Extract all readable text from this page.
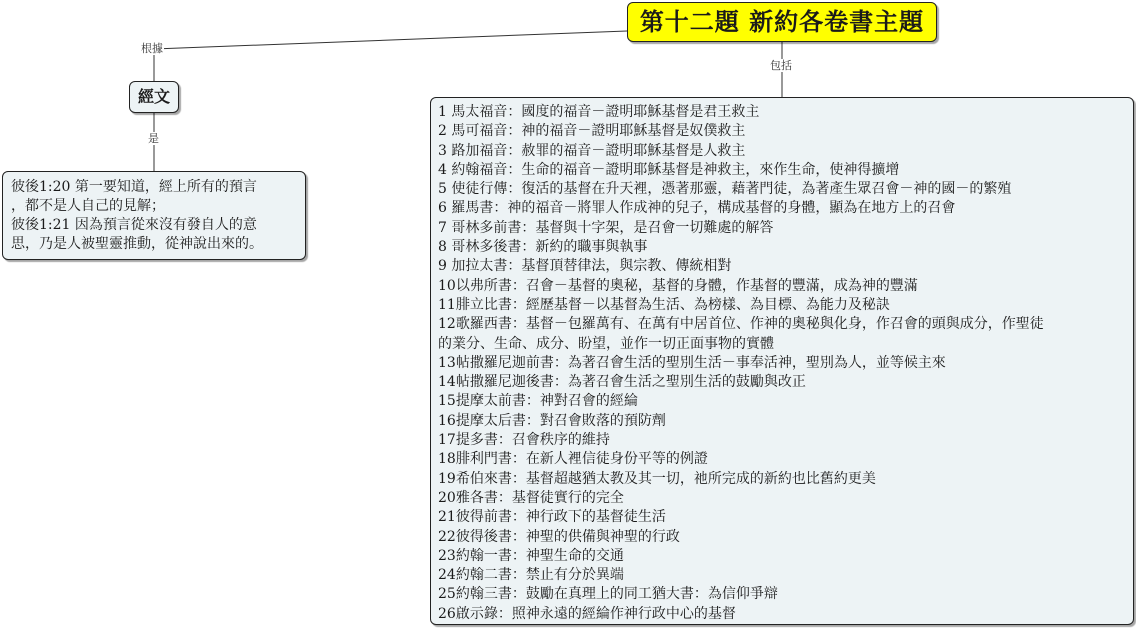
根據
包括
是
第十二題 新約各卷書主題
經文
彼後1:20 第一要知道，經上所有的預言
，都不是人自己的見解；
彼後1:21 因為預言從來沒有發自人的意
思，乃是人被聖靈推動，從神說出來的。
1 馬太福音：國度的福音－證明耶穌基督是君王救主
2 馬可福音：神的福音－證明耶穌基督是奴僕救主
3 路加福音：赦罪的福音－證明耶穌基督是人救主
4 約翰福音：生命的福音－證明耶穌基督是神救主，來作生命，使神得擴增
5 使徒行傳：復活的基督在升天裡，憑著那靈，藉著門徒，為著產生眾召會－神的國－的繁殖
6 羅馬書：神的福音－將罪人作成神的兒子，構成基督的身體，顯為在地方上的召會
7 哥林多前書：基督與十字架，是召會一切難處的解答
8 哥林多後書：新約的職事與執事
9 加拉太書：基督頂替律法，與宗教、傳統相對
10以弗所書：召會－基督的奧秘，基督的身體，作基督的豐滿，成為神的豐滿
11腓立比書：經歷基督－以基督為生活、為榜樣、為目標、為能力及秘訣
12歌羅西書：基督－包羅萬有、在萬有中居首位、作神的奧秘與化身，作召會的頭與成分，作聖徒
的業分、生命、成分、盼望，並作一切正面事物的實體
13帖撒羅尼迦前書：為著召會生活的聖別生活－事奉活神，聖別為人，並等候主來
14帖撒羅尼迦後書：為著召會生活之聖別生活的鼓勵與改正
15提摩太前書：神對召會的經綸
16提摩太后書：對召會敗落的預防劑
17提多書：召會秩序的維持
18腓利門書：在新人裡信徒身份平等的例證
19希伯來書：基督超越猶太教及其一切，祂所完成的新約也比舊約更美
20雅各書：基督徒實行的完全
21彼得前書：神行政下的基督徒生活
22彼得後書：神聖的供備與神聖的行政
23約翰一書：神聖生命的交通
24約翰二書：禁止有分於異端
25約翰三書：鼓勵在真理上的同工猶大書：為信仰爭辯
26啟示錄：照神永遠的經綸作神行政中心的基督
